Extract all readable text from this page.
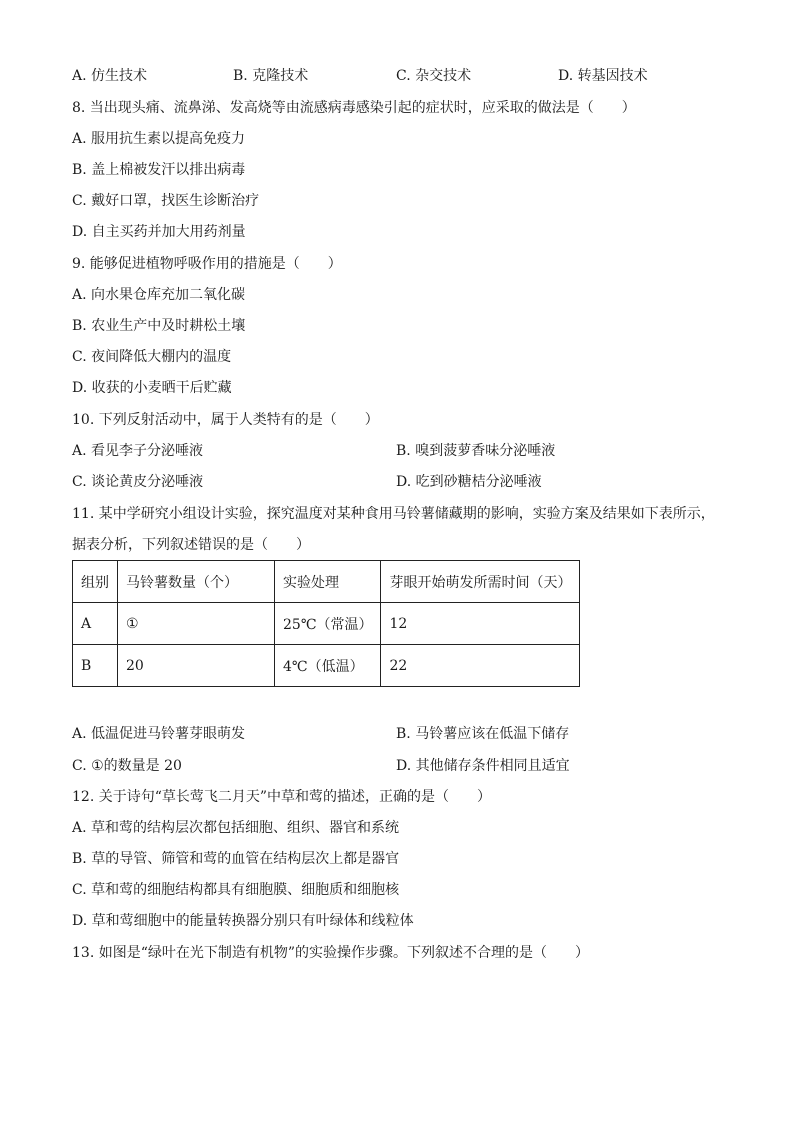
A. 仿生技术	B. 克隆技术	C. 杂交技术	D. 转基因技术
8. 当出现头痛、流鼻涕、发高烧等由流感病毒感染引起的症状时，应采取的做法是（　　）
A. 服用抗生素以提高免疫力
B. 盖上棉被发汗以排出病毒
C. 戴好口罩，找医生诊断治疗
D. 自主买药并加大用药剂量
9. 能够促进植物呼吸作用的措施是（　　）
A. 向水果仓库充加二氧化碳
B. 农业生产中及时耕松土壤
C. 夜间降低大棚内的温度
D. 收获的小麦晒干后贮藏
10. 下列反射活动中，属于人类特有的是（　　）
A. 看见李子分泌唾液	B. 嗅到菠萝香味分泌唾液
C. 谈论黄皮分泌唾液	D. 吃到砂糖桔分泌唾液
11. 某中学研究小组设计实验，探究温度对某种食用马铃薯储藏期的影响，实验方案及结果如下表所示，
据表分析，下列叙述错误的是（　　）
组别	马铃薯数量（个）	实验处理	芽眼开始萌发所需时间（天）
A	①	25℃（常温）	12
B	20	4℃（低温）	22
A. 低温促进马铃薯芽眼萌发	B. 马铃薯应该在低温下储存
C. ①的数量是 20	D. 其他储存条件相同且适宜
12. 关于诗句“草长莺飞二月天”中草和莺的描述，正确的是（　　）
A. 草和莺的结构层次都包括细胞、组织、器官和系统
B. 草的导管、筛管和莺的血管在结构层次上都是器官
C. 草和莺的细胞结构都具有细胞膜、细胞质和细胞核
D. 草和莺细胞中的能量转换器分别只有叶绿体和线粒体
13. 如图是“绿叶在光下制造有机物”的实验操作步骤。下列叙述不合理的是（　　）
